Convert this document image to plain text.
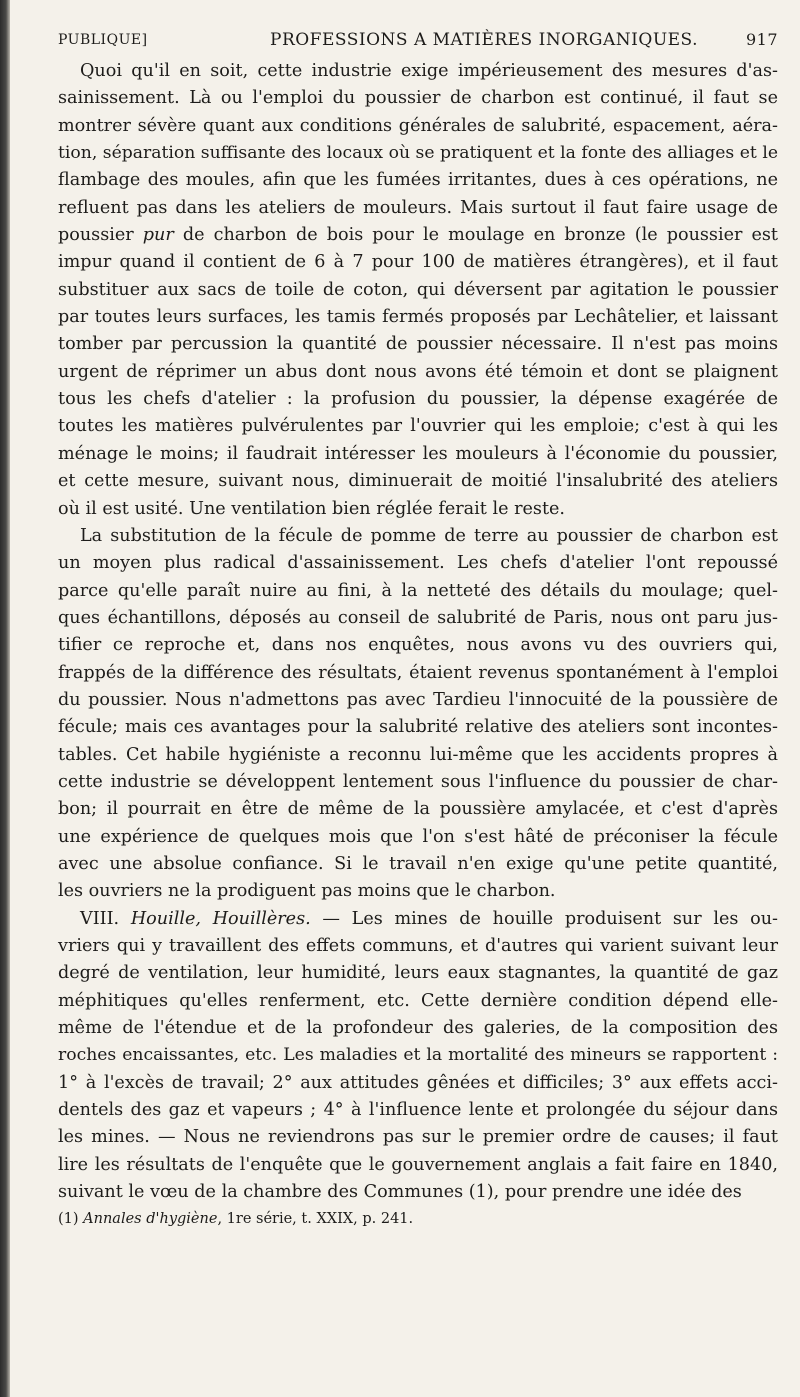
PUBLIQUE]	PROFESSIONS A MATIÈRES INORGANIQUES.	917

Quoi qu'il en soit, cette industrie exige impérieusement des mesures d'as-
sainissement. Là ou l'emploi du poussier de charbon est continué, il faut se
montrer sévère quant aux conditions générales de salubrité, espacement, aéra-
tion, séparation suffisante des locaux où se pratiquent et la fonte des alliages et le
flambage des moules, afin que les fumées irritantes, dues à ces opérations, ne
refluent pas dans les ateliers de mouleurs. Mais surtout il faut faire usage de
poussier pur de charbon de bois pour le moulage en bronze (le poussier est
impur quand il contient de 6 à 7 pour 100 de matières étrangères), et il faut
substituer aux sacs de toile de coton, qui déversent par agitation le poussier
par toutes leurs surfaces, les tamis fermés proposés par Lechâtelier, et laissant
tomber par percussion la quantité de poussier nécessaire. Il n'est pas moins
urgent de réprimer un abus dont nous avons été témoin et dont se plaignent
tous les chefs d'atelier : la profusion du poussier, la dépense exagérée de
toutes les matières pulvérulentes par l'ouvrier qui les emploie; c'est à qui les
ménage le moins; il faudrait intéresser les mouleurs à l'économie du poussier,
et cette mesure, suivant nous, diminuerait de moitié l'insalubrité des ateliers
où il est usité. Une ventilation bien réglée ferait le reste.

La substitution de la fécule de pomme de terre au poussier de charbon est
un moyen plus radical d'assainissement. Les chefs d'atelier l'ont repoussé
parce qu'elle paraît nuire au fini, à la netteté des détails du moulage; quel-
ques échantillons, déposés au conseil de salubrité de Paris, nous ont paru jus-
tifier ce reproche et, dans nos enquêtes, nous avons vu des ouvriers qui,
frappés de la différence des résultats, étaient revenus spontanément à l'emploi
du poussier. Nous n'admettons pas avec Tardieu l'innocuité de la poussière de
fécule; mais ces avantages pour la salubrité relative des ateliers sont incontes-
tables. Cet habile hygiéniste a reconnu lui-même que les accidents propres à
cette industrie se développent lentement sous l'influence du poussier de char-
bon; il pourrait en être de même de la poussière amylacée, et c'est d'après
une expérience de quelques mois que l'on s'est hâté de préconiser la fécule
avec une absolue confiance. Si le travail n'en exige qu'une petite quantité,
les ouvriers ne la prodiguent pas moins que le charbon.

VIII. Houille, Houillères. — Les mines de houille produisent sur les ou-
vriers qui y travaillent des effets communs, et d'autres qui varient suivant leur
degré de ventilation, leur humidité, leurs eaux stagnantes, la quantité de gaz
méphitiques qu'elles renferment, etc. Cette dernière condition dépend elle-
même de l'étendue et de la profondeur des galeries, de la composition des
roches encaissantes, etc. Les maladies et la mortalité des mineurs se rapportent :
1° à l'excès de travail; 2° aux attitudes gênées et difficiles; 3° aux effets acci-
dentels des gaz et vapeurs ; 4° à l'influence lente et prolongée du séjour dans
les mines. — Nous ne reviendrons pas sur le premier ordre de causes; il faut
lire les résultats de l'enquête que le gouvernement anglais a fait faire en 1840,
suivant le vœu de la chambre des Communes (1), pour prendre une idée des

(1) Annales d'hygiène, 1re série, t. XXIX, p. 241.
